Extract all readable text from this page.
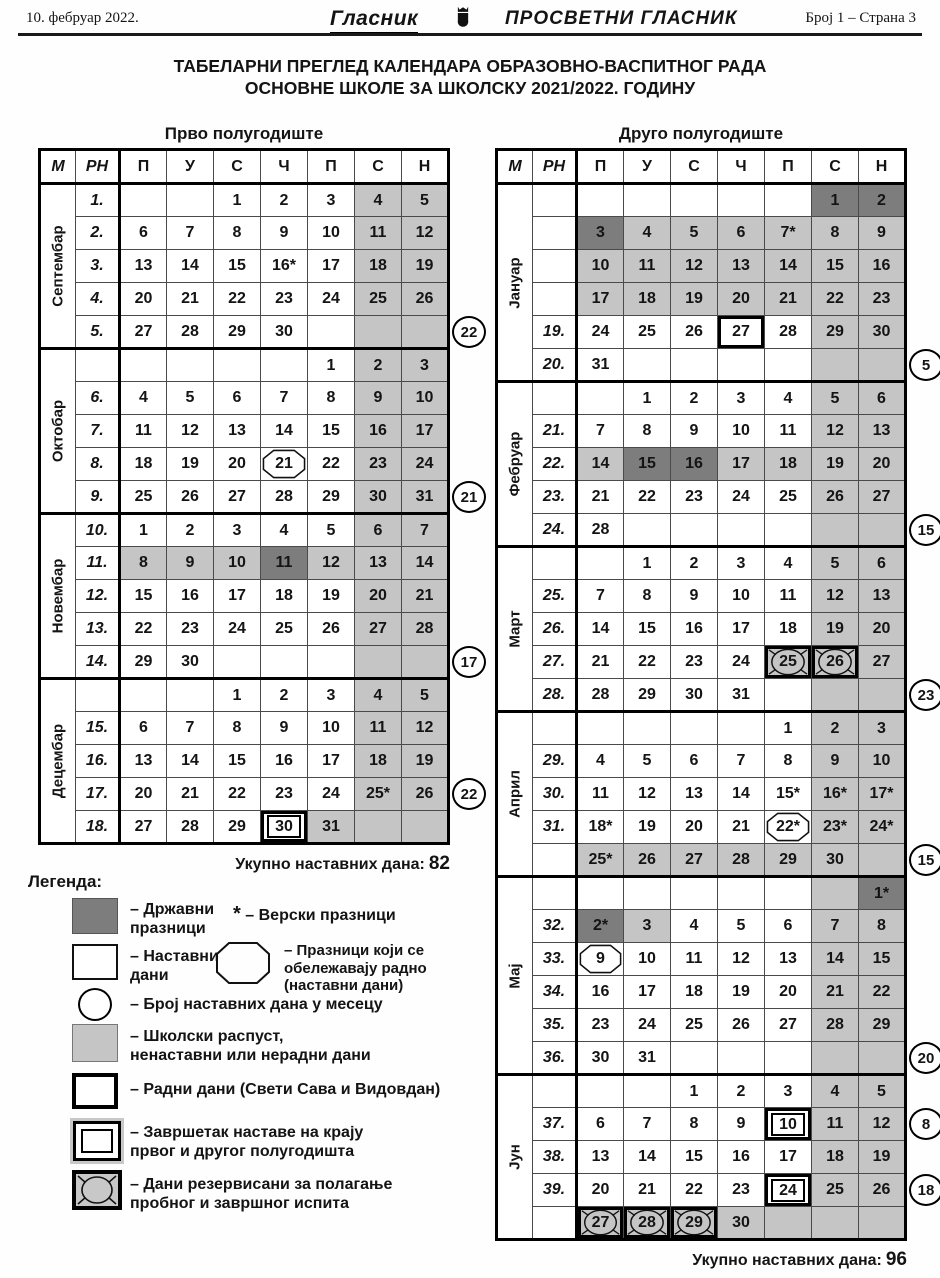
10. фебруар 2022.	Гласник	ПРОСВЕТНИ ГЛАСНИК	Број 1 – Страна 3
ТАБЕЛАРНИ ПРЕГЛЕД КАЛЕНДАРА ОБРАЗОВНО-ВАСПИТНОГ РАДА
ОСНОВНЕ ШКОЛЕ ЗА ШКОЛСКУ 2021/2022. ГОДИНУ
Прво полугодиште
22
21
17
22
М	РН	П	У	С	Ч	П	С	Н

Септембар	1.			1	2	3	4	5
	2.	6	7	8	9	10	11	12
	3.	13	14	15	16*	17	18	19
	4.	20	21	22	23	24	25	26
	5.	27	28	29	30			

Октобар						1	2	3
	6.	4	5	6	7	8	9	10
	7.	11	12	13	14	15	16	17
	8.	18	19	20	21	22	23	24
	9.	25	26	27	28	29	30	31

Новембар	10.	1	2	3	4	5	6	7
	11.	8	9	10	11	12	13	14
	12.	15	16	17	18	19	20	21
	13.	22	23	24	25	26	27	28
	14.	29	30					

Децембар				1	2	3	4	5
	15.	6	7	8	9	10	11	12
	16.	13	14	15	16	17	18	19
	17.	20	21	22	23	24	25*	26
	18.	27	28	29	30	31		
Укупно наставних дана: 82
Друго полугодиште
5
15
23
15
20
8
18
М	РН	П	У	С	Ч	П	С	Н

Јануар							1	2
		3	4	5	6	7*	8	9
		10	11	12	13	14	15	16
		17	18	19	20	21	22	23
	19.	24	25	26	27	28	29	30
	20.	31						

Фебруар			1	2	3	4	5	6
	21.	7	8	9	10	11	12	13
	22.	14	15	16	17	18	19	20
	23.	21	22	23	24	25	26	27
	24.	28						

Март			1	2	3	4	5	6
	25.	7	8	9	10	11	12	13
	26.	14	15	16	17	18	19	20
	27.	21	22	23	24	25	26	27
	28.	28	29	30	31			

Април						1	2	3
	29.	4	5	6	7	8	9	10
	30.	11	12	13	14	15*	16*	17*
	31.	18*	19	20	21	22*	23*	24*
		25*	26	27	28	29	30	

Мај								1*
	32.	2*	3	4	5	6	7	8
	33.	9	10	11	12	13	14	15
	34.	16	17	18	19	20	21	22
	35.	23	24	25	26	27	28	29
	36.	30	31					

Јун				1	2	3	4	5
	37.	6	7	8	9	10	11	12
	38.	13	14	15	16	17	18	19
	39.	20	21	22	23	24	25	26
		27	28	29	30			
Укупно наставних дана: 96
Легенда:
– Државни празници
* – Верски празници
– Наставни дани
– Празници који се обележавају радно (наставни дани)
– Број наставних дана у месецу
– Школски распуст, ненаставни или нерадни дани
– Радни дани (Свети Сава и Видовдан)
– Завршетак наставе на крају првог и другог полугодишта
– Дани резервисани за полагање пробног и завршног испита
